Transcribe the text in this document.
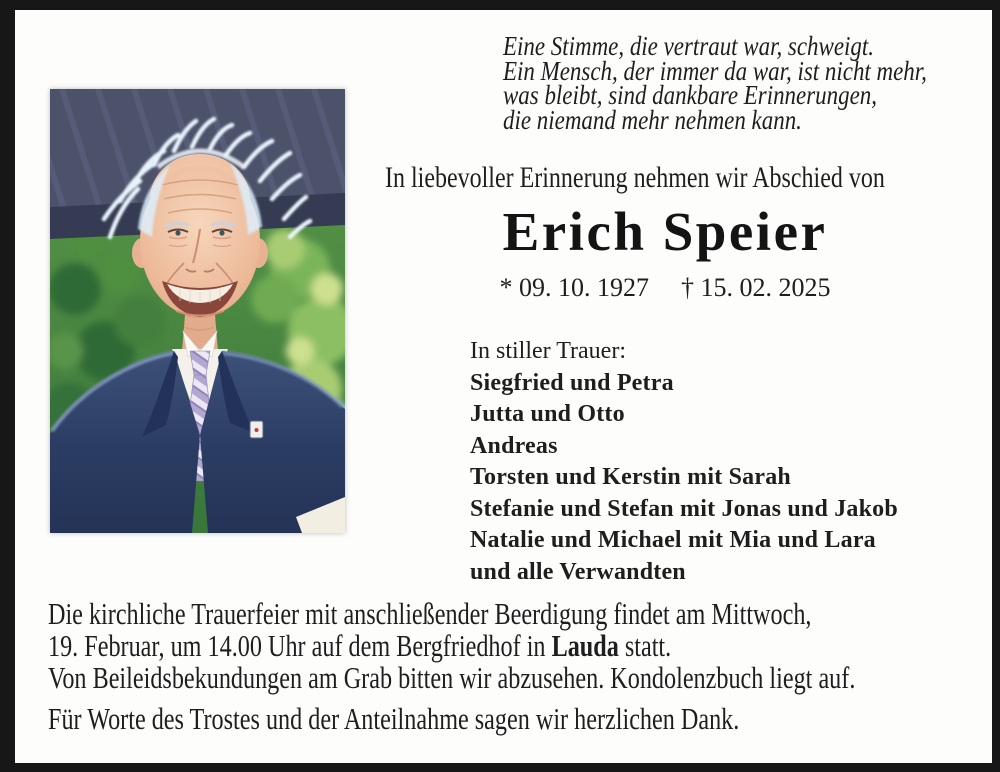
Eine Stimme, die vertraut war, schweigt.
Ein Mensch, der immer da war, ist nicht mehr,
was bleibt, sind dankbare Erinnerungen,
die niemand mehr nehmen kann.
In liebevoller Erinnerung nehmen wir Abschied von
Erich Speier
* 09. 10. 1927 † 15. 02. 2025
In stiller Trauer:
Siegfried und Petra
Jutta und Otto
Andreas
Torsten und Kerstin mit Sarah
Stefanie und Stefan mit Jonas und Jakob
Natalie und Michael mit Mia und Lara
und alle Verwandten
Die kirchliche Trauerfeier mit anschließender Beerdigung findet am Mittwoch,
19. Februar, um 14.00 Uhr auf dem Bergfriedhof in Lauda statt.
Von Beileidsbekundungen am Grab bitten wir abzusehen. Kondolenzbuch liegt auf.
Für Worte des Trostes und der Anteilnahme sagen wir herzlichen Dank.
